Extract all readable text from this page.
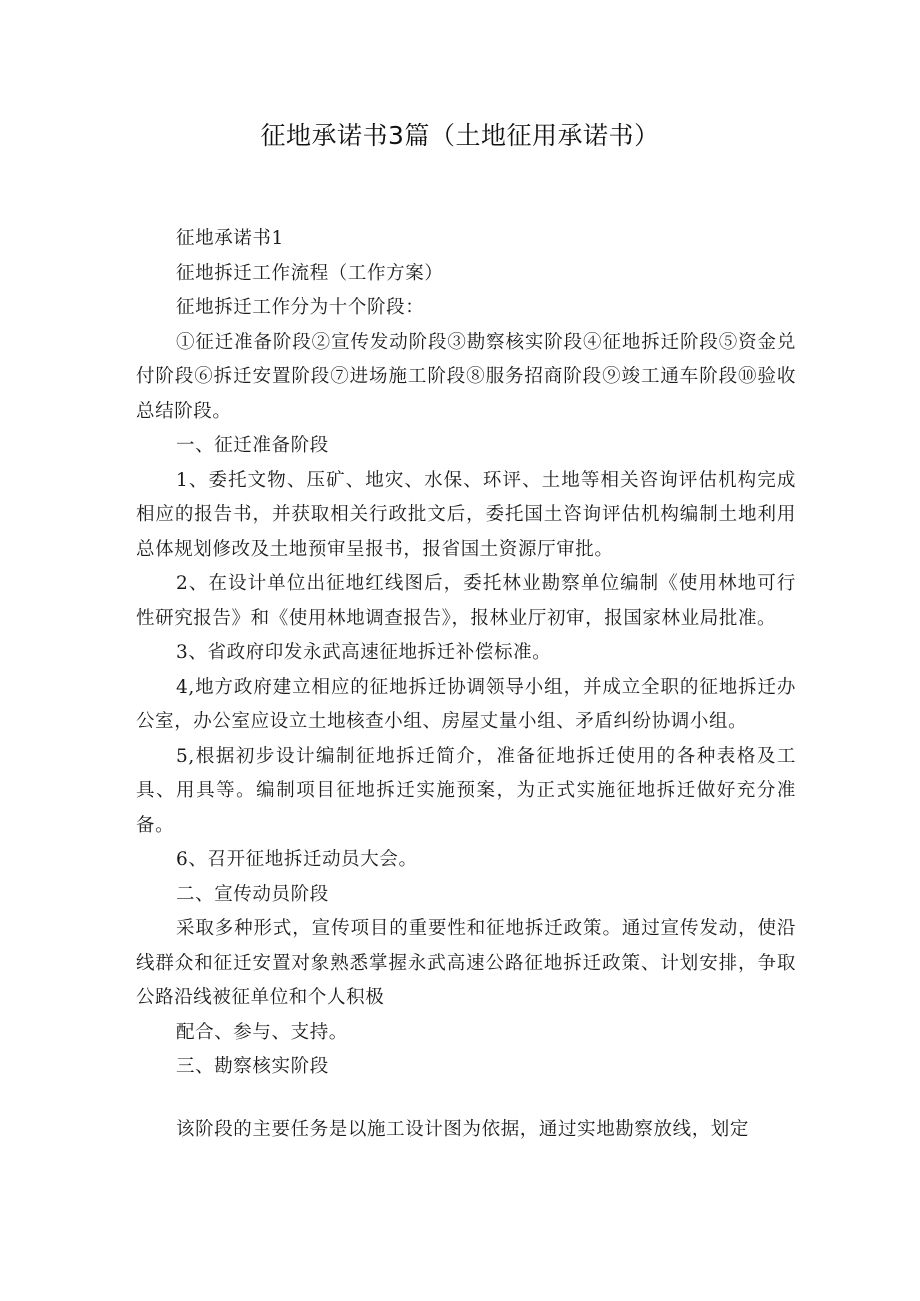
征地承诺书3篇（土地征用承诺书）

征地承诺书1

征地拆迁工作流程（工作方案）

征地拆迁工作分为十个阶段：

①征迁准备阶段②宣传发动阶段③勘察核实阶段④征地拆迁阶段⑤资金兑付阶段⑥拆迁安置阶段⑦进场施工阶段⑧服务招商阶段⑨竣工通车阶段⑩验收总结阶段。

一、征迁准备阶段

1、委托文物、压矿、地灾、水保、环评、土地等相关咨询评估机构完成相应的报告书，并获取相关行政批文后，委托国土咨询评估机构编制土地利用总体规划修改及土地预审呈报书，报省国土资源厅审批。

2、在设计单位出征地红线图后，委托林业勘察单位编制《使用林地可行性研究报告》和《使用林地调查报告》，报林业厅初审，报国家林业局批准。

3、省政府印发永武高速征地拆迁补偿标准。

4,地方政府建立相应的征地拆迁协调领导小组，并成立全职的征地拆迁办公室，办公室应设立土地核查小组、房屋丈量小组、矛盾纠纷协调小组。

5,根据初步设计编制征地拆迁简介，准备征地拆迁使用的各种表格及工具、用具等。编制项目征地拆迁实施预案，为正式实施征地拆迁做好充分准备。

6、召开征地拆迁动员大会。

二、宣传动员阶段

采取多种形式，宣传项目的重要性和征地拆迁政策。通过宣传发动，使沿线群众和征迁安置对象熟悉掌握永武高速公路征地拆迁政策、计划安排，争取公路沿线被征单位和个人积极

配合、参与、支持。

三、勘察核实阶段

该阶段的主要任务是以施工设计图为依据，通过实地勘察放线，划定
